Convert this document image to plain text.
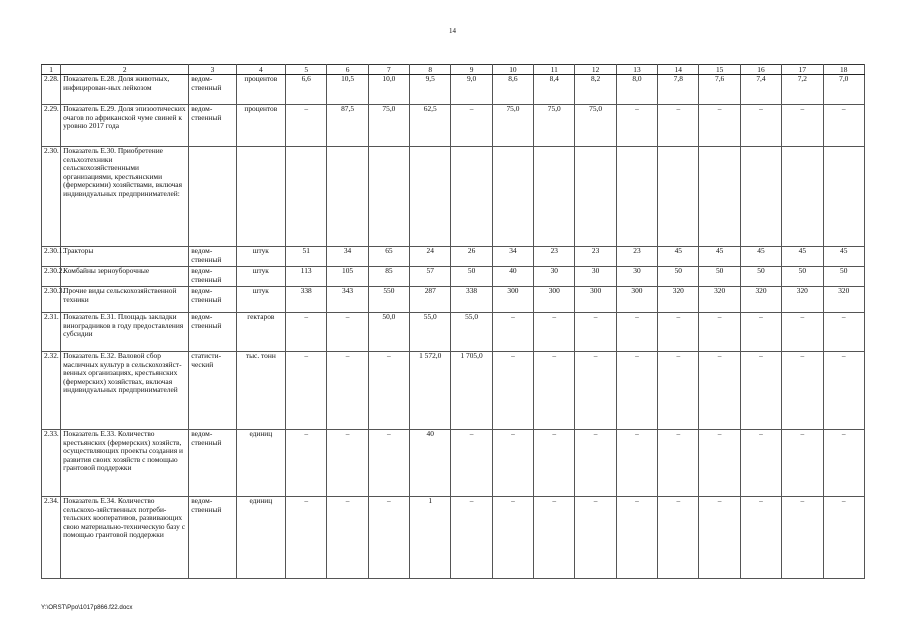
14
1	2	3	4	5	6	7	8	9	10	11	12	13	14	15	16	17	18
2.28.	Показатель Е.28. Доля животных, инфицирован-ных лейкозом	ведом-ственный	процентов	6,6	10,5	10,0	9,5	9,0	8,6	8,4	8,2	8,0	7,8	7,6	7,4	7,2	7,0
2.29.	Показатель Е.29. Доля эпизоотических очагов по африканской чуме свиней к уровню 2017 года	ведом-ственный	процентов	–	87,5	75,0	62,5	–	75,0	75,0	75,0	–	–	–	–	–	–
2.30.	Показатель Е.30. Приобретение сельхозтехники сельскохозяйственными организациями, крестьянскими (фермерскими) хозяйствами, включая индивидуальных предпринимателей:																
2.30.1.	Тракторы	ведом-ственный	штук	51	34	65	24	26	34	23	23	23	45	45	45	45	45
2.30.2.	Комбайны зерноуборочные	ведом-ственный	штук	113	105	85	57	50	40	30	30	30	50	50	50	50	50
2.30.3.	Прочие виды сельскохозяйственной техники	ведом-ственный	штук	338	343	550	287	338	300	300	300	300	320	320	320	320	320
2.31.	Показатель Е.31. Площадь закладки виноградников в году предоставления субсидии	ведом-ственный	гектаров	–	–	50,0	55,0	55,0	–	–	–	–	–	–	–	–	–
2.32.	Показатель Е.32. Валовой сбор масличных культур в сельскохозяйст-венных организациях, крестьянских (фермерских) хозяйствах, включая индивидуальных предпринимателей	статисти-ческий	тыс. тонн	–	–	–	1 572,0	1 705,0	–	–	–	–	–	–	–	–	–
2.33.	Показатель Е.33. Количество крестьянских (фермерских) хозяйств, осуществляющих проекты создания и развития своих хозяйств с помощью грантовой поддержки	ведом-ственный	единиц	–	–	–	40	–	–	–	–	–	–	–	–	–	–
2.34.	Показатель Е.34. Количество сельскохо-зяйственных потреби-тельских кооперативов, развивающих свою материально-техническую базу с помощью грантовой поддержки	ведом-ственный	единиц	–	–	–	1	–	–	–	–	–	–	–	–	–	–
Y:\ORST\Ppo\1017p866.f22.docx
